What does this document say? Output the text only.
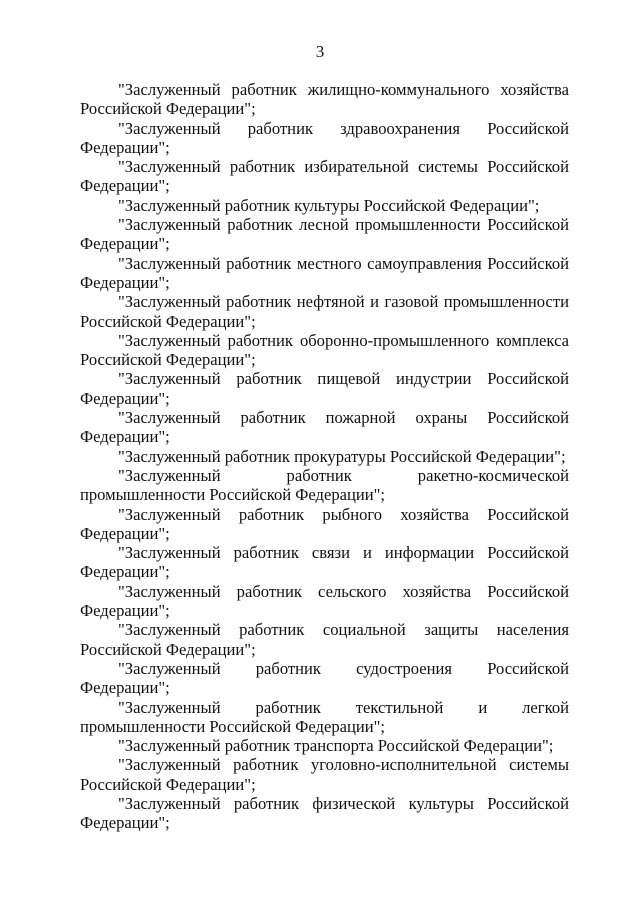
3

"Заслуженный работник жилищно-коммунального хозяйства Российской Федерации";

"Заслуженный работник здравоохранения Российской Федерации";

"Заслуженный работник избирательной системы Российской Федерации";

"Заслуженный работник культуры Российской Федерации";

"Заслуженный работник лесной промышленности Российской Федерации";

"Заслуженный работник местного самоуправления Российской Федерации";

"Заслуженный работник нефтяной и газовой промышленности Российской Федерации";

"Заслуженный работник оборонно-промышленного комплекса Российской Федерации";

"Заслуженный работник пищевой индустрии Российской Федерации";

"Заслуженный работник пожарной охраны Российской Федерации";

"Заслуженный работник прокуратуры Российской Федерации";

"Заслуженный работник ракетно-космической промышленности Российской Федерации";

"Заслуженный работник рыбного хозяйства Российской Федерации";

"Заслуженный работник связи и информации Российской Федерации";

"Заслуженный работник сельского хозяйства Российской Федерации";

"Заслуженный работник социальной защиты населения Российской Федерации";

"Заслуженный работник судостроения Российской Федерации";

"Заслуженный работник текстильной и легкой промышленности Российской Федерации";

"Заслуженный работник транспорта Российской Федерации";

"Заслуженный работник уголовно-исполнительной системы Российской Федерации";

"Заслуженный работник физической культуры Российской Федерации";
